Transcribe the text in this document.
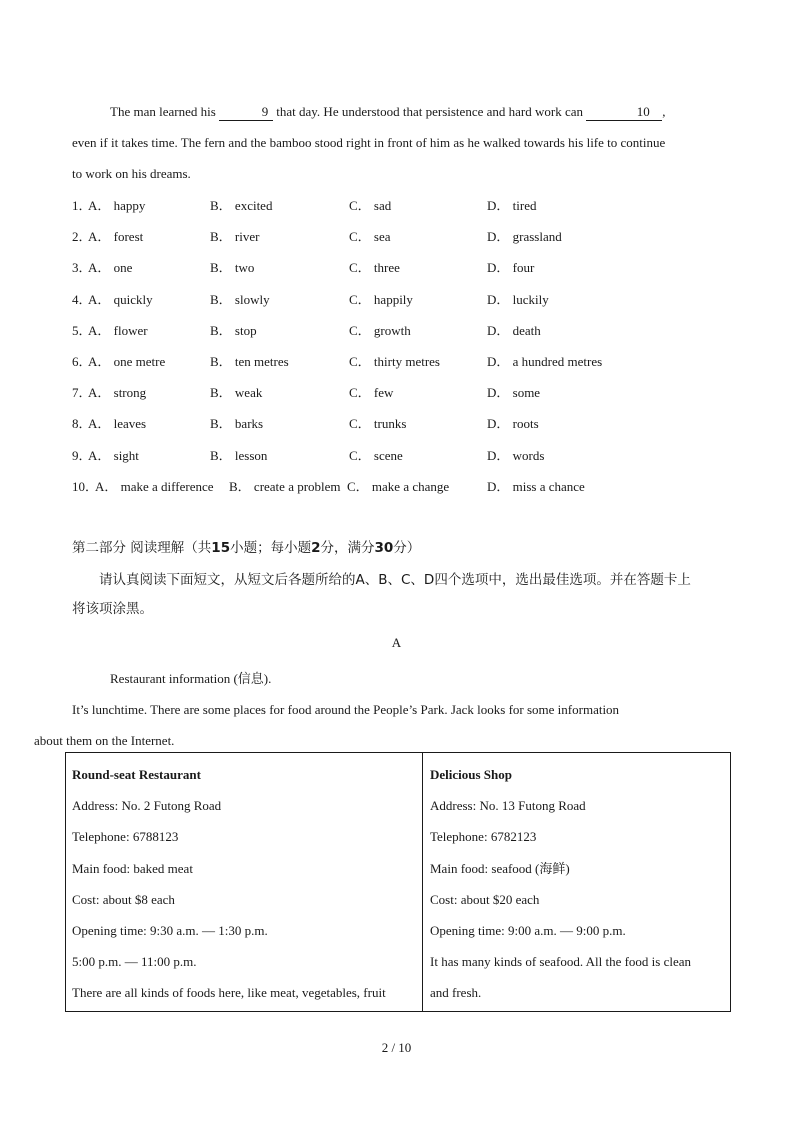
The man learned his	9 that day. He understood that persistence and hard work can	10 ,
even if it takes time. The fern and the bamboo stood right in front of him as he walked towards his life to continue
to work on his dreams.
1．
A． happy	B． excited	C． sad	D． tired
2．
A． forest	B． river	C． sea	D． grassland
3．
A． one	B． two	C． three	D． four
4．
A． quickly	B． slowly	C． happily	D． luckily
5．
A． flower	B． stop	C． growth	D． death
6．
A． one metre	B． ten metres	C． thirty metres	D． a hundred metres
7．
A． strong	B． weak	C． few	D． some
8．
A． leaves	B． barks	C． trunks	D． roots
9．
A． sight	B． lesson	C． scene	D． words
10．
A． make a difference B． create a problem C． make a change	D． miss a chance
第二部分 阅读理解（共15小题；每小题2分，满分30分）
请认真阅读下面短文，从短文后各题所给的A、B、C、D四个选项中，选出最佳选项。并在答题卡上
将该项涂黑。
A
Restaurant information (信息).
It’s lunchtime. There are some places for food around the People’s Park. Jack looks for some information
about them on the Internet.
Round-seat Restaurant
Address: No. 2 Futong Road
Telephone: 6788123
Main food: baked meat
Cost: about $8 each
Opening time: 9:30 a.m. — 1:30 p.m.
5:00 p.m. — 11:00 p.m.
There are all kinds of foods here, like meat, vegetables, fruit
Delicious Shop
Address: No. 13 Futong Road
Telephone: 6782123
Main food: seafood (海鲜)
Cost: about $20 each
Opening time: 9:00 a.m. — 9:00 p.m.
It has many kinds of seafood. All the food is clean
and fresh.
2 / 10
